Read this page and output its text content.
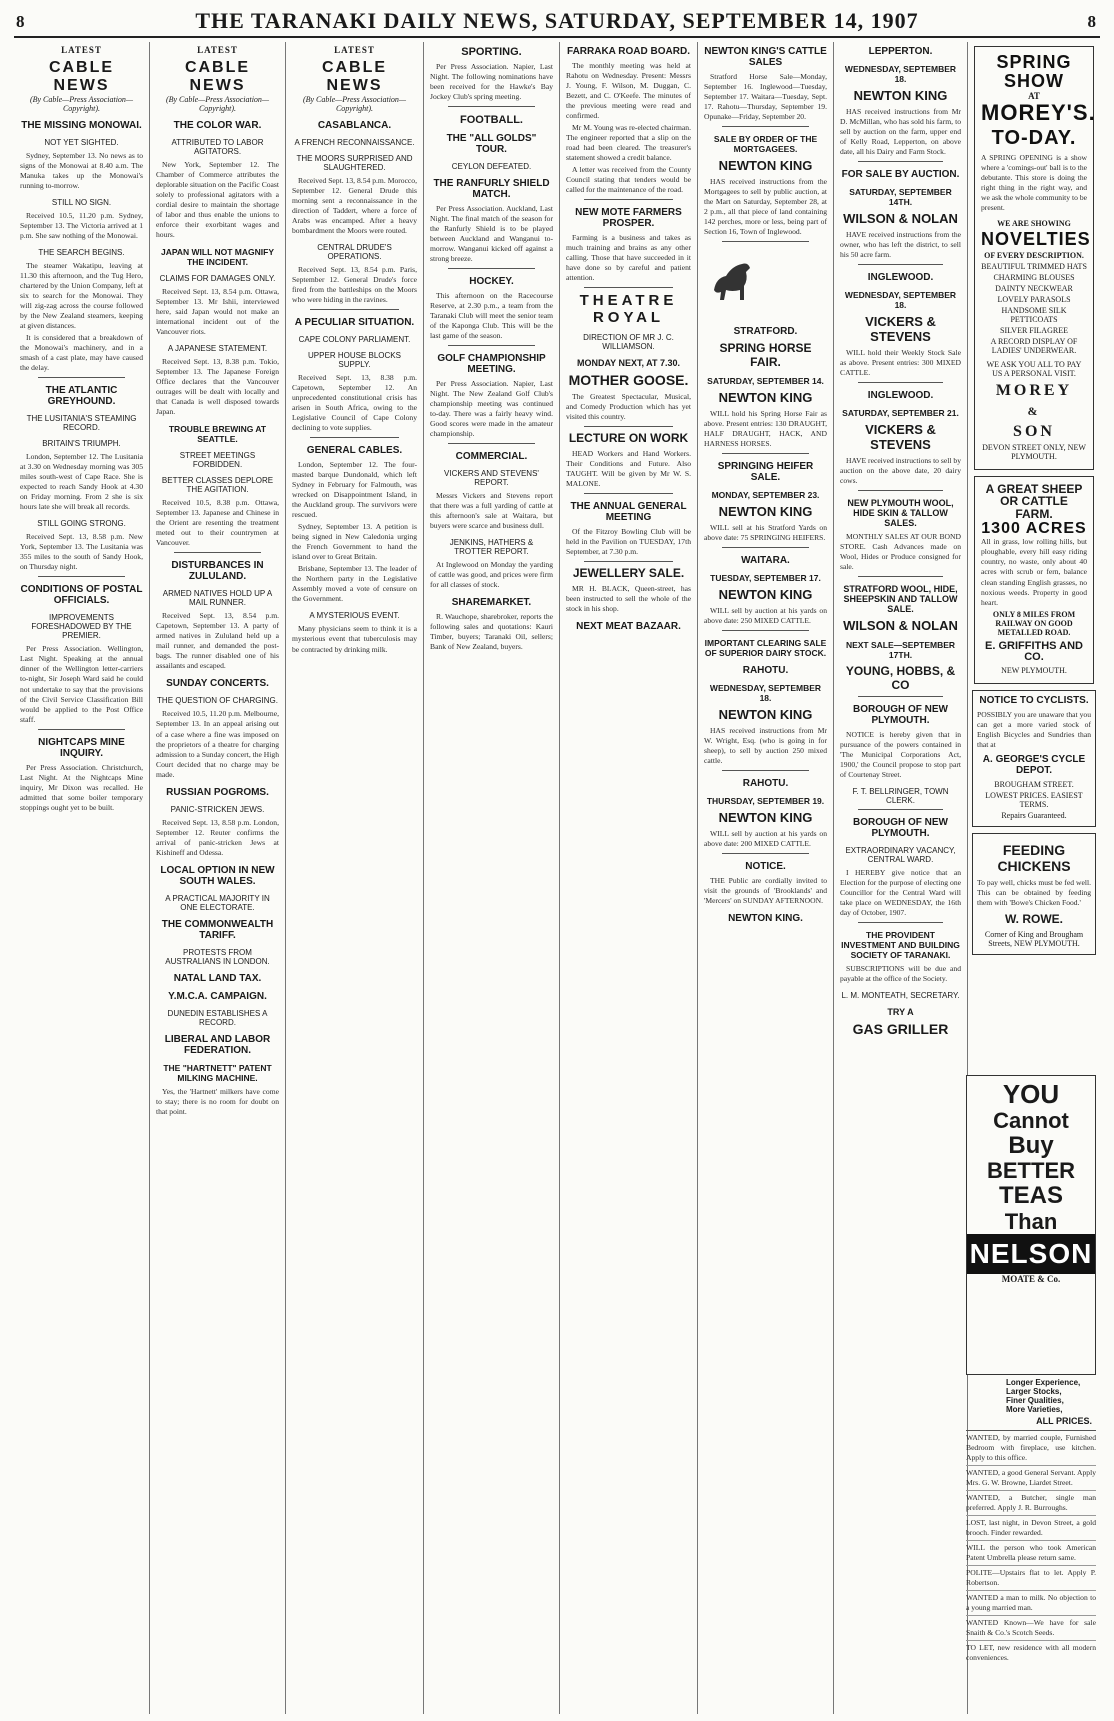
8	THE TARANAKI DAILY NEWS, SATURDAY, SEPTEMBER 14, 1907	8
LATEST
CABLE NEWS
(By Cable—Press Association—Copyright).
THE MISSING MONOWAI.
NOT YET SIGHTED.

Sydney, September 13. No news as to signs of the Monowai at 8.40 a.m. The Manuka takes up the Monowai's running to-morrow.

STILL NO SIGN.

Received 10.5, 11.20 p.m. Sydney, September 13. The Victoria arrived at 1 p.m. She saw nothing of the Monowai.

THE SEARCH BEGINS.

The steamer Wakatipu, leaving at 11.30 this afternoon, and the Tug Hero, chartered by the Union Company, left at six to search for the Monowai. They will zig-zag across the course followed by the New Zealand steamers, keeping at given distances.

It is considered that a breakdown of the Monowai's machinery, and in a smash of a cast plate, may have caused the delay.

THE ATLANTIC GREYHOUND.
THE LUSITANIA'S STEAMING RECORD.
BRITAIN'S TRIUMPH.

London, September 12. The Lusitania at 3.30 on Wednesday morning was 305 miles south-west of Cape Race. She is expected to reach Sandy Hook at 4.30 on Friday morning. From 2 she is six hours late she will break all records.

STILL GOING STRONG.

Received Sept. 13, 8.58 p.m. New York, September 13. The Lusitania was 355 miles to the south of Sandy Hook, on Thursday night.

CONDITIONS OF POSTAL OFFICIALS.
IMPROVEMENTS FORESHADOWED BY THE PREMIER.

Per Press Association. Wellington, Last Night. Speaking at the annual dinner of the Wellington letter-carriers to-night, Sir Joseph Ward said he could not undertake to say that the provisions of the Civil Service Classification Bill would be applied to the Post Office staff.

NIGHTCAPS MINE INQUIRY.

Per Press Association. Christchurch, Last Night. At the Nightcaps Mine inquiry, Mr Dixon was recalled. He admitted that some boiler temporary stoppings ought yet to be built.

LATEST
CABLE NEWS
(By Cable—Press Association—Copyright).
THE COLOR WAR.
ATTRIBUTED TO LABOR AGITATORS.

New York, September 12. The Chamber of Commerce attributes the deplorable situation on the Pacific Coast solely to professional agitators with a cordial desire to maintain the shortage of labor and thus enable the unions to enforce their exorbitant wages and hours.

JAPAN WILL NOT MAGNIFY THE INCIDENT.
CLAIMS FOR DAMAGES ONLY.

Received Sept. 13, 8.54 p.m. Ottawa, September 13. Mr Ishii, interviewed here, said Japan would not make an international incident out of the Vancouver riots.

A JAPANESE STATEMENT.

Received Sept. 13, 8.38 p.m. Tokio, September 13. The Japanese Foreign Office declares that the Vancouver outrages will be dealt with locally and that Canada is well disposed towards Japan.

TROUBLE BREWING AT SEATTLE.
STREET MEETINGS FORBIDDEN.
BETTER CLASSES DEPLORE THE AGITATION.

Received 10.5, 8.38 p.m. Ottawa, September 13. Japanese and Chinese in the Orient are resenting the treatment meted out to their countrymen at Vancouver.

DISTURBANCES IN ZULULAND.
ARMED NATIVES HOLD UP A MAIL RUNNER.

Received Sept. 13, 8.54 p.m. Capetown, September 13. A party of armed natives in Zululand held up a mail runner, and demanded the post-bags. The runner disabled one of his assailants and escaped.

SUNDAY CONCERTS.
THE QUESTION OF CHARGING.

Received 10.5, 11.20 p.m. Melbourne, September 13. In an appeal arising out of a case where a fine was imposed on the proprietors of a theatre for charging admission to a Sunday concert, the High Court decided that no charge may be made.

RUSSIAN POGROMS.
PANIC-STRICKEN JEWS.

Received Sept. 13, 8.58 p.m. London, September 12. Reuter confirms the arrival of panic-stricken Jews at Kishineff and Odessa.

LOCAL OPTION IN NEW SOUTH WALES.
A PRACTICAL MAJORITY IN ONE ELECTORATE.
THE COMMONWEALTH TARIFF.
PROTESTS FROM AUSTRALIANS IN LONDON.
NATAL LAND TAX.
Y.M.C.A. CAMPAIGN.
DUNEDIN ESTABLISHES A RECORD.
LIBERAL AND LABOR FEDERATION.
THE "HARTNETT" PATENT MILKING MACHINE.

Yes, the 'Hartnett' milkers have come to stay; there is no room for doubt on that point.

LATEST
CABLE NEWS
(By Cable—Press Association—Copyright).
CASABLANCA.
A FRENCH RECONNAISSANCE.
THE MOORS SURPRISED AND SLAUGHTERED.

Received Sept. 13, 8.54 p.m. Morocco, September 12. General Drude this morning sent a reconnaissance in the direction of Taddert, where a force of Arabs was encamped. After a heavy bombardment the Moors were routed.

CENTRAL DRUDE'S OPERATIONS.

Received Sept. 13, 8.54 p.m. Paris, September 12. General Drude's force fired from the battleships on the Moors who were hiding in the ravines.

A PECULIAR SITUATION.
CAPE COLONY PARLIAMENT.
UPPER HOUSE BLOCKS SUPPLY.

Received Sept. 13, 8.38 p.m. Capetown, September 12. An unprecedented constitutional crisis has arisen in South Africa, owing to the Legislative Council of Cape Colony declining to vote supplies.

GENERAL CABLES.

London, September 12. The four-masted barque Dundonald, which left Sydney in February for Falmouth, was wrecked on Disappointment Island, in the Auckland group. The survivors were rescued.

Sydney, September 13. A petition is being signed in New Caledonia urging the French Government to hand the island over to Great Britain.

Brisbane, September 13. The leader of the Northern party in the Legislative Assembly moved a vote of censure on the Government.

A MYSTERIOUS EVENT.

Many physicians seem to think it is a mysterious event that tuberculosis may be contracted by drinking milk.

SPORTING.

Per Press Association. Napier, Last Night. The following nominations have been received for the Hawke's Bay Jockey Club's spring meeting.

FOOTBALL.
THE "ALL GOLDS" TOUR.
CEYLON DEFEATED.
THE RANFURLY SHIELD MATCH.

Per Press Association. Auckland, Last Night. The final match of the season for the Ranfurly Shield is to be played between Auckland and Wanganui to-morrow. Wanganui kicked off against a strong breeze.

HOCKEY.

This afternoon on the Racecourse Reserve, at 2.30 p.m., a team from the Taranaki Club will meet the senior team of the Kaponga Club. This will be the last game of the season.

GOLF CHAMPIONSHIP MEETING.

Per Press Association. Napier, Last Night. The New Zealand Golf Club's championship meeting was continued to-day. There was a fairly heavy wind. Good scores were made in the amateur championship.

COMMERCIAL.
VICKERS AND STEVENS' REPORT.

Messrs Vickers and Stevens report that there was a full yarding of cattle at this afternoon's sale at Waitara, but buyers were scarce and business dull.

JENKINS, HATHERS & TROTTER REPORT.

At Inglewood on Monday the yarding of cattle was good, and prices were firm for all classes of stock.

SHAREMARKET.

R. Wauchope, sharebroker, reports the following sales and quotations: Kauri Timber, buyers; Taranaki Oil, sellers; Bank of New Zealand, buyers.

FARRAKA ROAD BOARD.

The monthly meeting was held at Rahotu on Wednesday. Present: Messrs J. Young, F. Wilson, M. Duggan, C. Bezett, and C. O'Keefe. The minutes of the previous meeting were read and confirmed.

Mr M. Young was re-elected chairman. The engineer reported that a slip on the road had been cleared. The treasurer's statement showed a credit balance.

A letter was received from the County Council stating that tenders would be called for the maintenance of the road.

NEW MOTE FARMERS PROSPER.

Farming is a business and takes as much training and brains as any other calling. Those that have succeeded in it have done so by careful and patient attention.

THEATRE ROYAL
DIRECTION OF MR J. C. WILLIAMSON.
MONDAY NEXT, AT 7.30.
MOTHER GOOSE.

The Greatest Spectacular, Musical, and Comedy Production which has yet visited this country.

LECTURE ON WORK

HEAD Workers and Hand Workers. Their Conditions and Future. Also TAUGHT. Will be given by Mr W. S. MALONE.

THE ANNUAL GENERAL MEETING

Of the Fitzroy Bowling Club will be held in the Pavilion on TUESDAY, 17th September, at 7.30 p.m.

JEWELLERY SALE.

MR H. BLACK, Queen-street, has been instructed to sell the whole of the stock in his shop.

NEXT MEAT BAZAAR.
NEWTON KING'S CATTLE SALES

Stratford Horse Sale—Monday, September 16. Inglewood—Tuesday, September 17. Waitara—Tuesday, Sept. 17. Rahotu—Thursday, September 19. Opunake—Friday, September 20.

SALE BY ORDER OF THE MORTGAGEES.
NEWTON KING

HAS received instructions from the Mortgagees to sell by public auction, at the Mart on Saturday, September 28, at 2 p.m., all that piece of land containing 142 perches, more or less, being part of Section 16, Town of Inglewood.

STRATFORD.
SPRING HORSE FAIR.
SATURDAY, SEPTEMBER 14.
NEWTON KING

WILL hold his Spring Horse Fair as above. Present entries: 130 DRAUGHT, HALF DRAUGHT, HACK, AND HARNESS HORSES.

SPRINGING HEIFER SALE.
MONDAY, SEPTEMBER 23.
NEWTON KING

WILL sell at his Stratford Yards on above date: 75 SPRINGING HEIFERS.

WAITARA.
TUESDAY, SEPTEMBER 17.
NEWTON KING

WILL sell by auction at his yards on above date: 250 MIXED CATTLE.

IMPORTANT CLEARING SALE OF SUPERIOR DAIRY STOCK.
RAHOTU.
WEDNESDAY, SEPTEMBER 18.
NEWTON KING

HAS received instructions from Mr W. Wright, Esq. (who is going in for sheep), to sell by auction 250 mixed cattle.

RAHOTU.
THURSDAY, SEPTEMBER 19.
NEWTON KING

WILL sell by auction at his yards on above date: 200 MIXED CATTLE.

NOTICE.

THE Public are cordially invited to visit the grounds of 'Brooklands' and 'Mercers' on SUNDAY AFTERNOON.

NEWTON KING.
LEPPERTON.
WEDNESDAY, SEPTEMBER 18.
NEWTON KING

HAS received instructions from Mr D. McMillan, who has sold his farm, to sell by auction on the farm, upper end of Kelly Road, Lepperton, on above date, all his Dairy and Farm Stock.

FOR SALE BY AUCTION.
SATURDAY, SEPTEMBER 14TH.
WILSON & NOLAN

HAVE received instructions from the owner, who has left the district, to sell his 50 acre farm.

INGLEWOOD.
WEDNESDAY, SEPTEMBER 18.
VICKERS & STEVENS

WILL hold their Weekly Stock Sale as above. Present entries: 300 MIXED CATTLE.

INGLEWOOD.
SATURDAY, SEPTEMBER 21.
VICKERS & STEVENS

HAVE received instructions to sell by auction on the above date, 20 dairy cows.

NEW PLYMOUTH WOOL, HIDE SKIN & TALLOW SALES.

MONTHLY SALES AT OUR BOND STORE. Cash Advances made on Wool, Hides or Produce consigned for sale.

STRATFORD WOOL, HIDE, SHEEPSKIN AND TALLOW SALE.
WILSON & NOLAN
NEXT SALE—SEPTEMBER 17TH.
YOUNG, HOBBS, & CO
BOROUGH OF NEW PLYMOUTH.

NOTICE is hereby given that in pursuance of the powers contained in 'The Municipal Corporations Act, 1900,' the Council propose to stop part of Courtenay Street.

F. T. BELLRINGER, TOWN CLERK.
BOROUGH OF NEW PLYMOUTH.
EXTRAORDINARY VACANCY, CENTRAL WARD.

I HEREBY give notice that an Election for the purpose of electing one Councillor for the Central Ward will take place on WEDNESDAY, the 16th day of October, 1907.

THE PROVIDENT INVESTMENT AND BUILDING SOCIETY OF TARANAKI.

SUBSCRIPTIONS will be due and payable at the office of the Society.

L. M. MONTEATH, SECRETARY.
TRY A
GAS GRILLER
SPRING SHOW
AT
MOREY'S.
TO-DAY.

A SPRING OPENING is a show where a 'comings-out' ball is to the debutante. This store is doing the right thing in the right way, and we ask the whole community to be present.

WE ARE SHOWING
NOVELTIES
OF EVERY DESCRIPTION.
BEAUTIFUL TRIMMED HATS
CHARMING BLOUSES
DAINTY NECKWEAR
LOVELY PARASOLS
HANDSOME SILK PETTICOATS
SILVER FILAGREE
A RECORD DISPLAY OF LADIES' UNDERWEAR.
WE ASK YOU ALL TO PAY US A PERSONAL VISIT.
MOREY
&
SON
DEVON STREET ONLY, NEW PLYMOUTH.
A GREAT SHEEP OR CATTLE FARM.
1300 ACRES

All in grass, low rolling hills, but ploughable, every hill easy riding country, no waste, only about 40 acres with scrub or fern, balance clean standing English grasses, no noxious weeds. Property in good heart.

ONLY 8 MILES FROM RAILWAY ON GOOD METALLED ROAD.
E. GRIFFITHS AND CO.
NEW PLYMOUTH.
NOTICE TO CYCLISTS.

POSSIBLY you are unaware that you can get a more varied stock of English Bicycles and Sundries than that at

A. GEORGE'S CYCLE DEPOT.
BROUGHAM STREET.
LOWEST PRICES. EASIEST TERMS.
Repairs Guaranteed.
FEEDING CHICKENS

To pay well, chicks must be fed well. This can be obtained by feeding them with 'Bowe's Chicken Food.'

W. ROWE.
Corner of King and Brougham Streets, NEW PLYMOUTH.
YOU
Cannot
Buy
BETTER
TEAS
Than
NELSON
MOATE & Co.
Longer Experience,
Larger Stocks,
Finer Qualities,
More Varieties,
ALL PRICES.

WANTED, by married couple, Furnished Bedroom with fireplace, use kitchen. Apply to this office.

WANTED, a good General Servant. Apply Mrs. G. W. Browne, Liardet Street.

WANTED, a Butcher, single man preferred. Apply J. R. Burroughs.

LOST, last night, in Devon Street, a gold brooch. Finder rewarded.

WILL the person who took American Patent Umbrella please return same.

POLITE—Upstairs flat to let. Apply P. Robertson.

WANTED a man to milk. No objection to a young married man.

WANTED Known—We have for sale Snaith & Co.'s Scotch Seeds.

TO LET, new residence with all modern conveniences.
